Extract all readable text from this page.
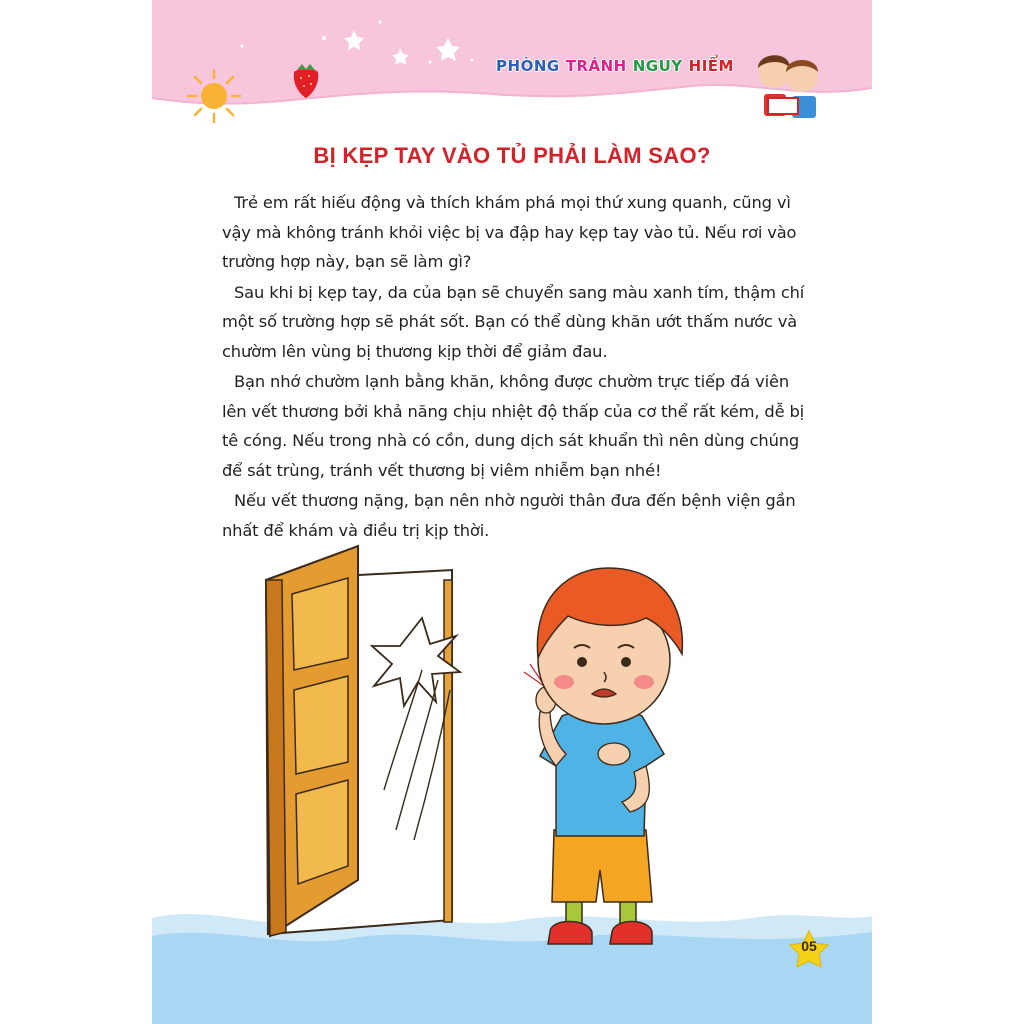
PHÒNG TRÁNH NGUY HIỂM
BỊ KẸP TAY VÀO TỦ PHẢI LÀM SAO?

Trẻ em rất hiếu động và thích khám phá mọi thứ xung quanh, cũng vì vậy mà không tránh khỏi việc bị va đập hay kẹp tay vào tủ. Nếu rơi vào trường hợp này, bạn sẽ làm gì?

Sau khi bị kẹp tay, da của bạn sẽ chuyển sang màu xanh tím, thậm chí một số trường hợp sẽ phát sốt. Bạn có thể dùng khăn ướt thấm nước và chườm lên vùng bị thương kịp thời để giảm đau.

Bạn nhớ chườm lạnh bằng khăn, không được chườm trực tiếp đá viên lên vết thương bởi khả năng chịu nhiệt độ thấp của cơ thể rất kém, dễ bị tê cóng. Nếu trong nhà có cồn, dung dịch sát khuẩn thì nên dùng chúng để sát trùng, tránh vết thương bị viêm nhiễm bạn nhé!

Nếu vết thương nặng, bạn nên nhờ người thân đưa đến bệnh viện gần nhất để khám và điều trị kịp thời.

05
